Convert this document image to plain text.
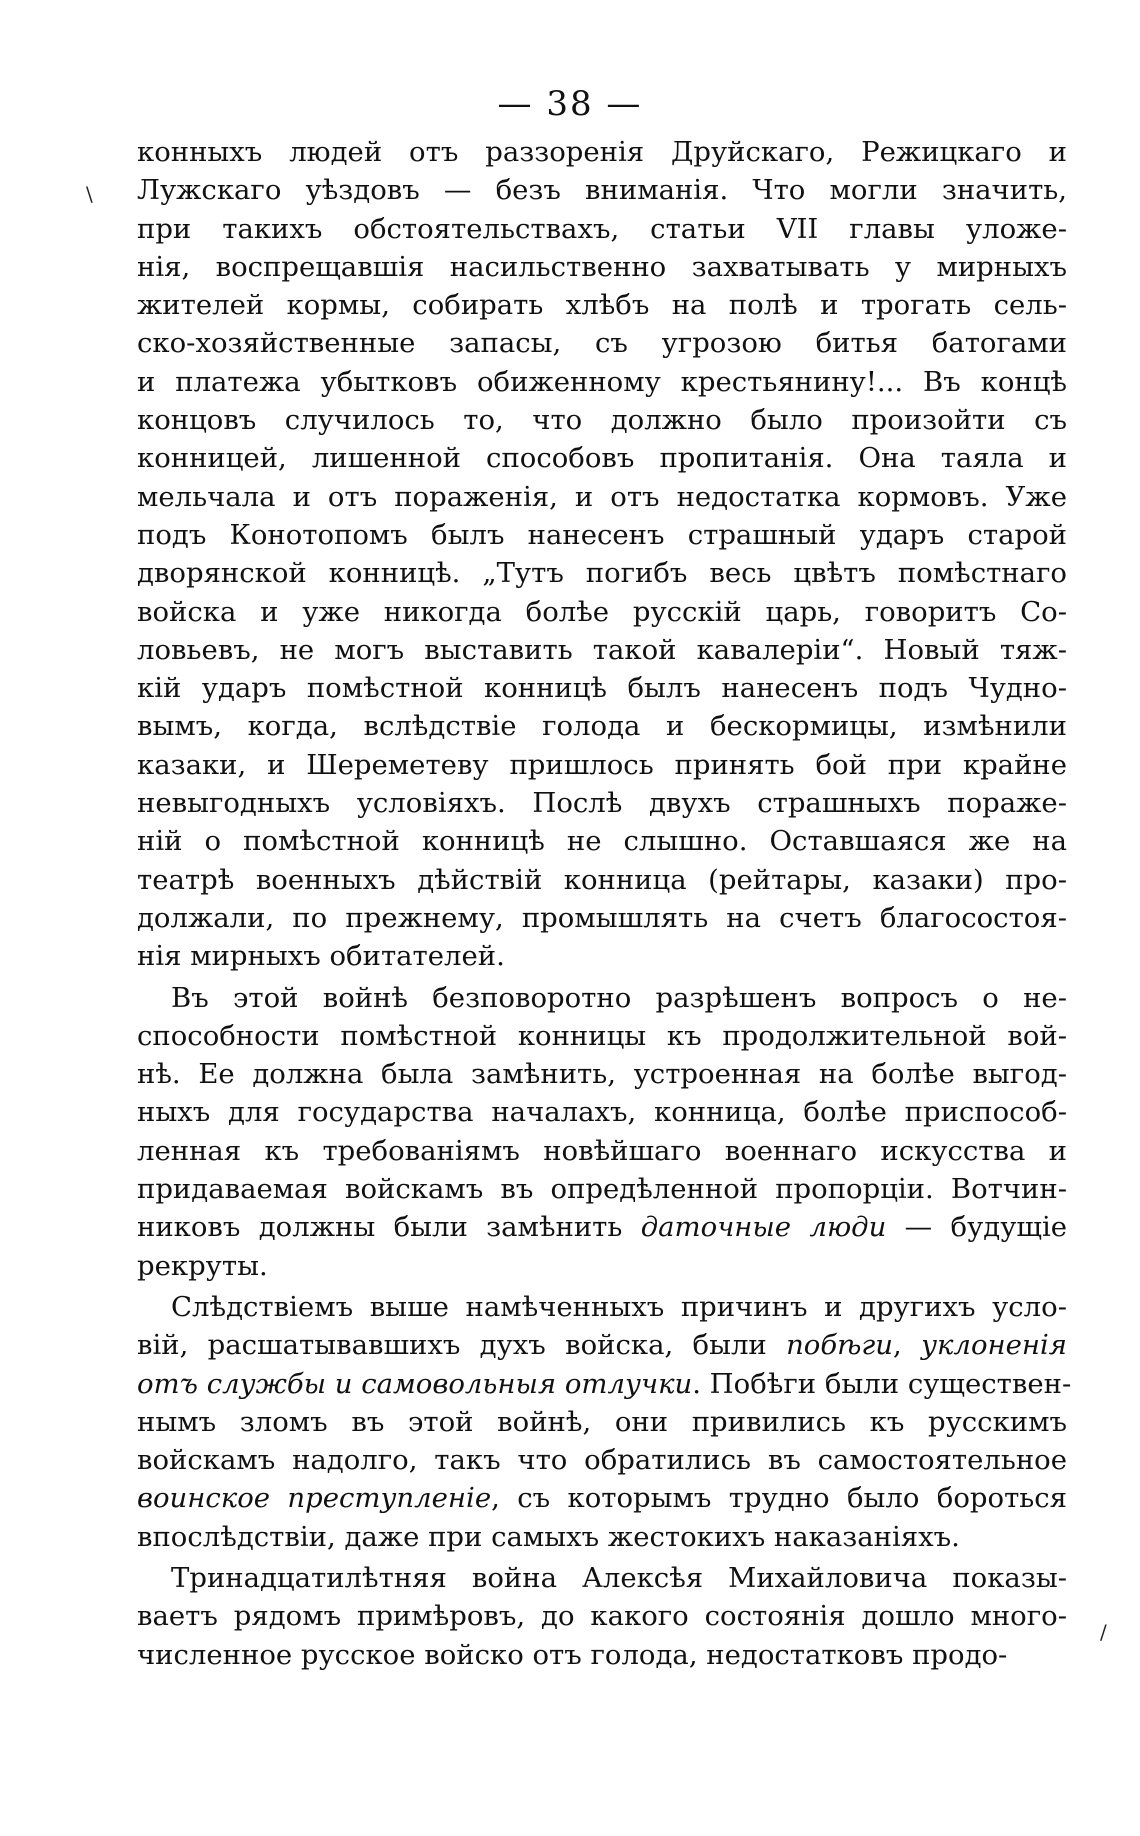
— 38 —
\
/
конныхъ людей отъ раззоренія Друйскаго, Режицкаго и
Лужскаго уѣздовъ — безъ вниманія. Что могли значить,
при такихъ обстоятельствахъ, статьи VII главы уложе-
нія, воспрещавшія насильственно захватывать у мирныхъ
жителей кормы, собирать хлѣбъ на полѣ и трогать сель-
ско-хозяйственные запасы, съ угрозою битья батогами
и платежа убытковъ обиженному крестьянину!... Въ концѣ
концовъ случилось то, что должно было произойти съ
конницей, лишенной способовъ пропитанія. Она таяла и
мельчала и отъ пораженія, и отъ недостатка кормовъ. Уже
подъ Конотопомъ былъ нанесенъ страшный ударъ старой
дворянской конницѣ. „Тутъ погибъ весь цвѣтъ помѣстнаго
войска и уже никогда болѣе русскій царь, говоритъ Со-
ловьевъ, не могъ выставить такой кавалеріи“. Новый тяж-
кій ударъ помѣстной конницѣ былъ нанесенъ подъ Чудно-
вымъ, когда, вслѣдствіе голода и бескормицы, измѣнили
казаки, и Шереметеву пришлось принять бой при крайне
невыгодныхъ условіяхъ. Послѣ двухъ страшныхъ пораже-
ній о помѣстной конницѣ не слышно. Оставшаяся же на
театрѣ военныхъ дѣйствій конница (рейтары, казаки) про-
должали, по прежнему, промышлять на счетъ благосостоя-
нія мирныхъ обитателей.
Въ этой войнѣ безповоротно разрѣшенъ вопросъ о не-
способности помѣстной конницы къ продолжительной вой-
нѣ. Ее должна была замѣнить, устроенная на болѣе выгод-
ныхъ для государства началахъ, конница, болѣе приспособ-
ленная къ требованіямъ новѣйшаго военнаго искусства и
придаваемая войскамъ въ опредѣленной пропорціи. Вотчин-
никовъ должны были замѣнить даточные люди — будущіе
рекруты.
Слѣдствіемъ выше намѣченныхъ причинъ и другихъ усло-
вій, расшатывавшихъ духъ войска, были побѣги, уклоненія
отъ службы и самовольныя отлучки. Побѣги были существен-
нымъ зломъ въ этой войнѣ, они привились къ русскимъ
войскамъ надолго, такъ что обратились въ самостоятельное
воинское преступленіе, съ которымъ трудно было бороться
впослѣдствіи, даже при самыхъ жестокихъ наказаніяхъ.
Тринадцатилѣтняя война Алексѣя Михайловича показы-
ваетъ рядомъ примѣровъ, до какого состоянія дошло много-
численное русское войско отъ голода, недостатковъ продо-
